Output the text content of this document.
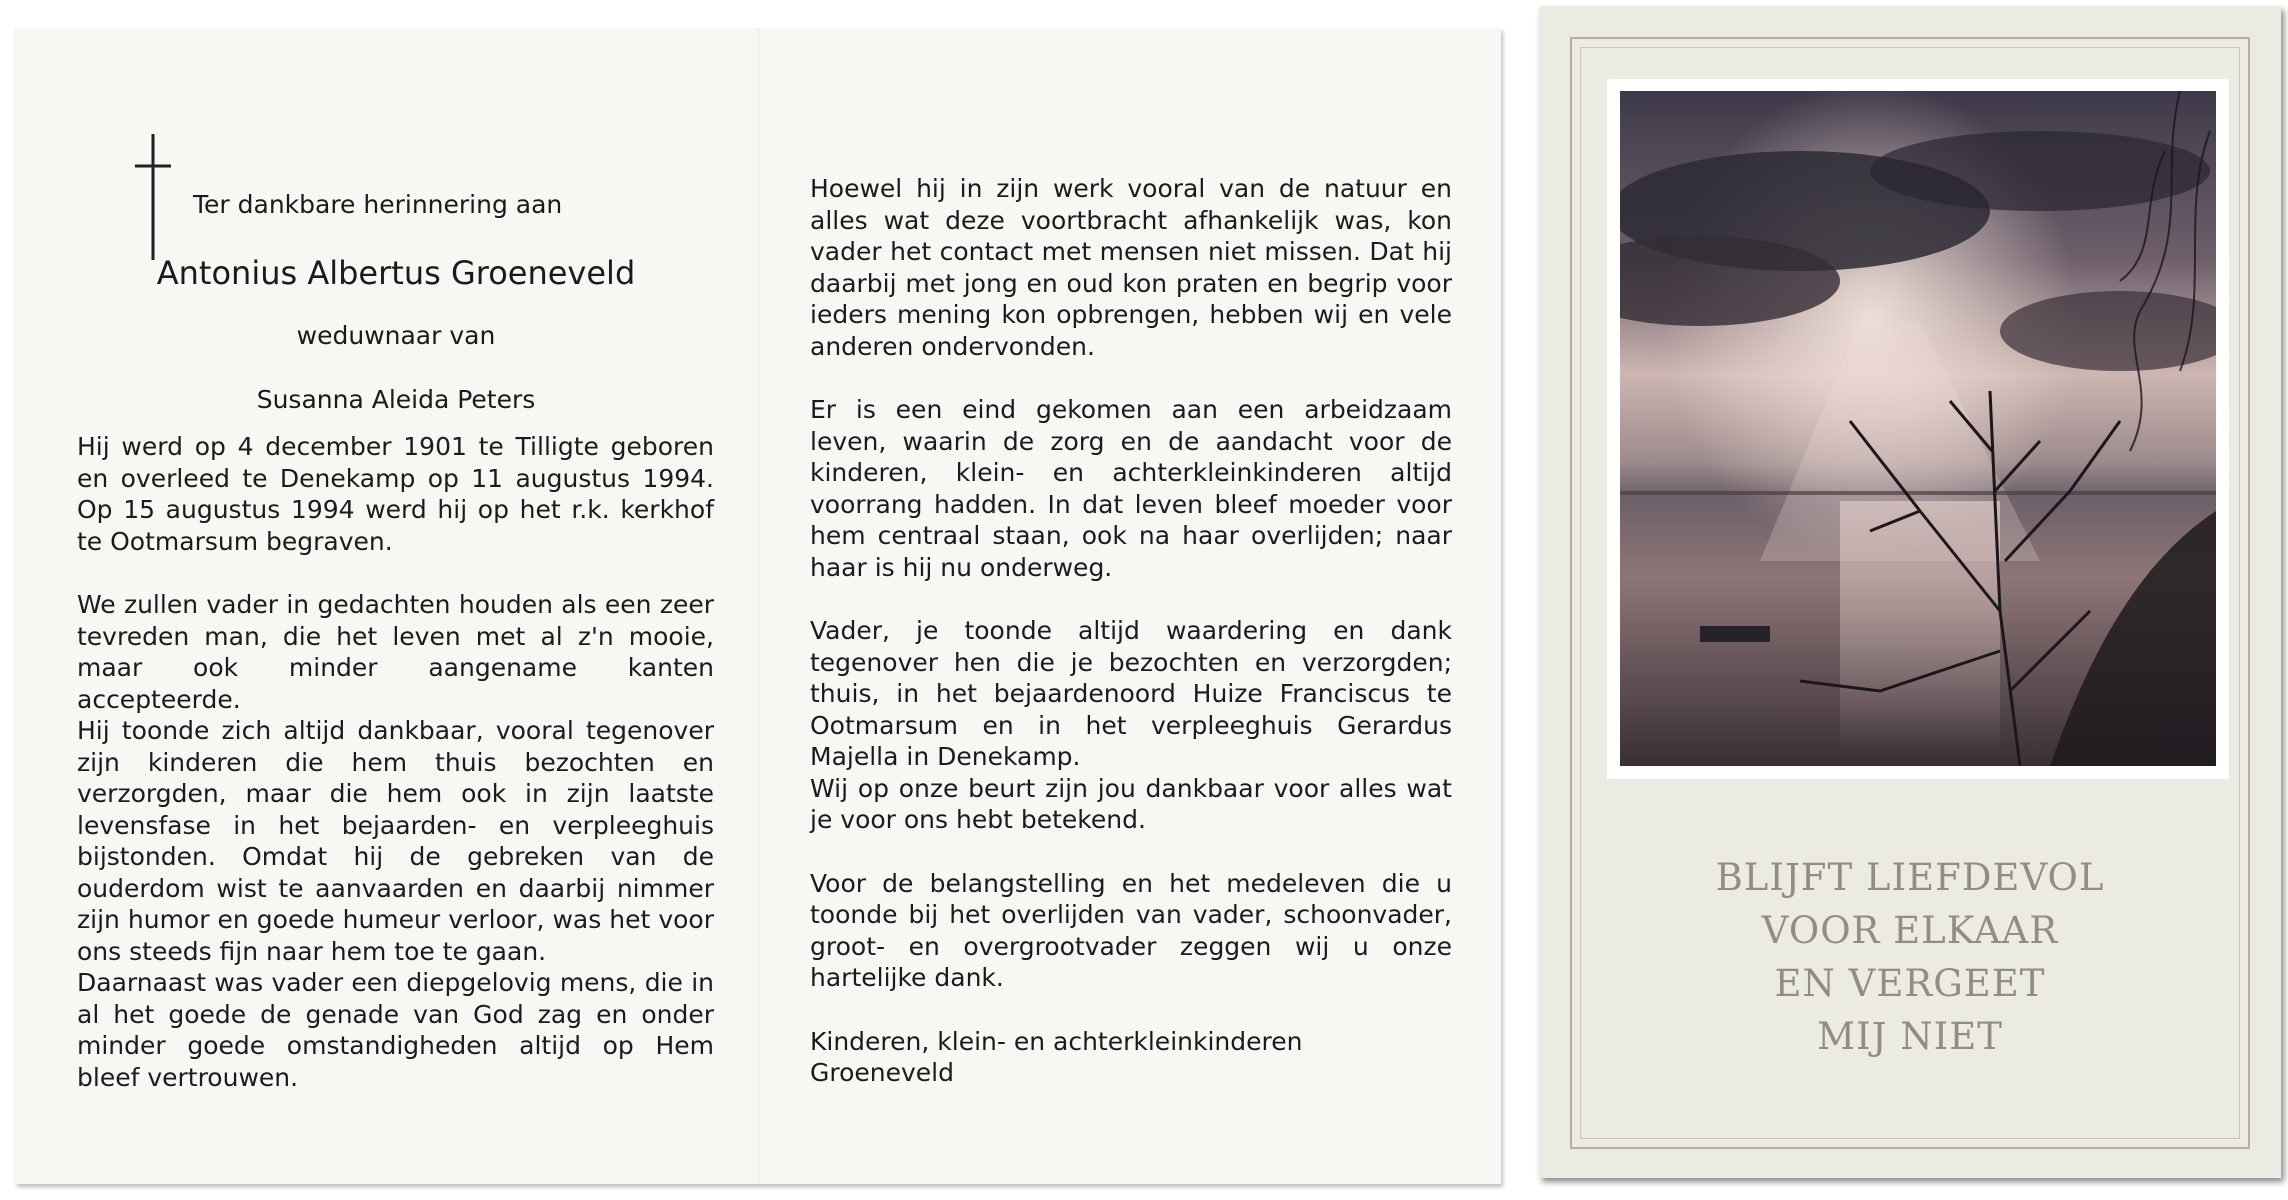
Ter dankbare herinnering aan
Antonius Albertus Groeneveld
weduwnaar van
Susanna Aleida Peters

Hij werd op 4 december 1901 te Tilligte geboren en overleed te Denekamp op 11 augustus 1994. Op 15 augustus 1994 werd hij op het r.k. kerkhof te Ootmarsum begraven.

We zullen vader in gedachten houden als een zeer tevreden man, die het leven met al z'n mooie, maar ook minder aangename kanten accepteerde.

Hij toonde zich altijd dankbaar, vooral tegenover zijn kinderen die hem thuis bezochten en verzorgden, maar die hem ook in zijn laatste levensfase in het bejaarden- en verpleeghuis bijstonden. Omdat hij de gebreken van de ouderdom wist te aanvaarden en daarbij nimmer zijn humor en goede humeur verloor, was het voor ons steeds fijn naar hem toe te gaan.

Daarnaast was vader een diepgelovig mens, die in al het goede de genade van God zag en onder minder goede omstandigheden altijd op Hem bleef vertrouwen.

Hoewel hij in zijn werk vooral van de natuur en alles wat deze voortbracht afhankelijk was, kon vader het contact met mensen niet missen. Dat hij daarbij met jong en oud kon praten en begrip voor ieders mening kon opbrengen, hebben wij en vele anderen ondervonden.

Er is een eind gekomen aan een arbeidzaam leven, waarin de zorg en de aandacht voor de kinderen, klein- en achterkleinkinderen altijd voorrang hadden. In dat leven bleef moeder voor hem centraal staan, ook na haar overlijden; naar haar is hij nu onderweg.

Vader, je toonde altijd waardering en dank tegenover hen die je bezochten en verzorgden; thuis, in het bejaardenoord Huize Franciscus te Ootmarsum en in het verpleeghuis Gerardus Majella in Denekamp.

Wij op onze beurt zijn jou dankbaar voor alles wat je voor ons hebt betekend.

Voor de belangstelling en het medeleven die u toonde bij het overlijden van vader, schoonvader, groot- en overgrootvader zeggen wij u onze hartelijke dank.

Kinderen, klein- en achterkleinkinderen
Groeneveld
BLIJFT LIEFDEVOL
VOOR ELKAAR
EN VERGEET
MIJ NIET
